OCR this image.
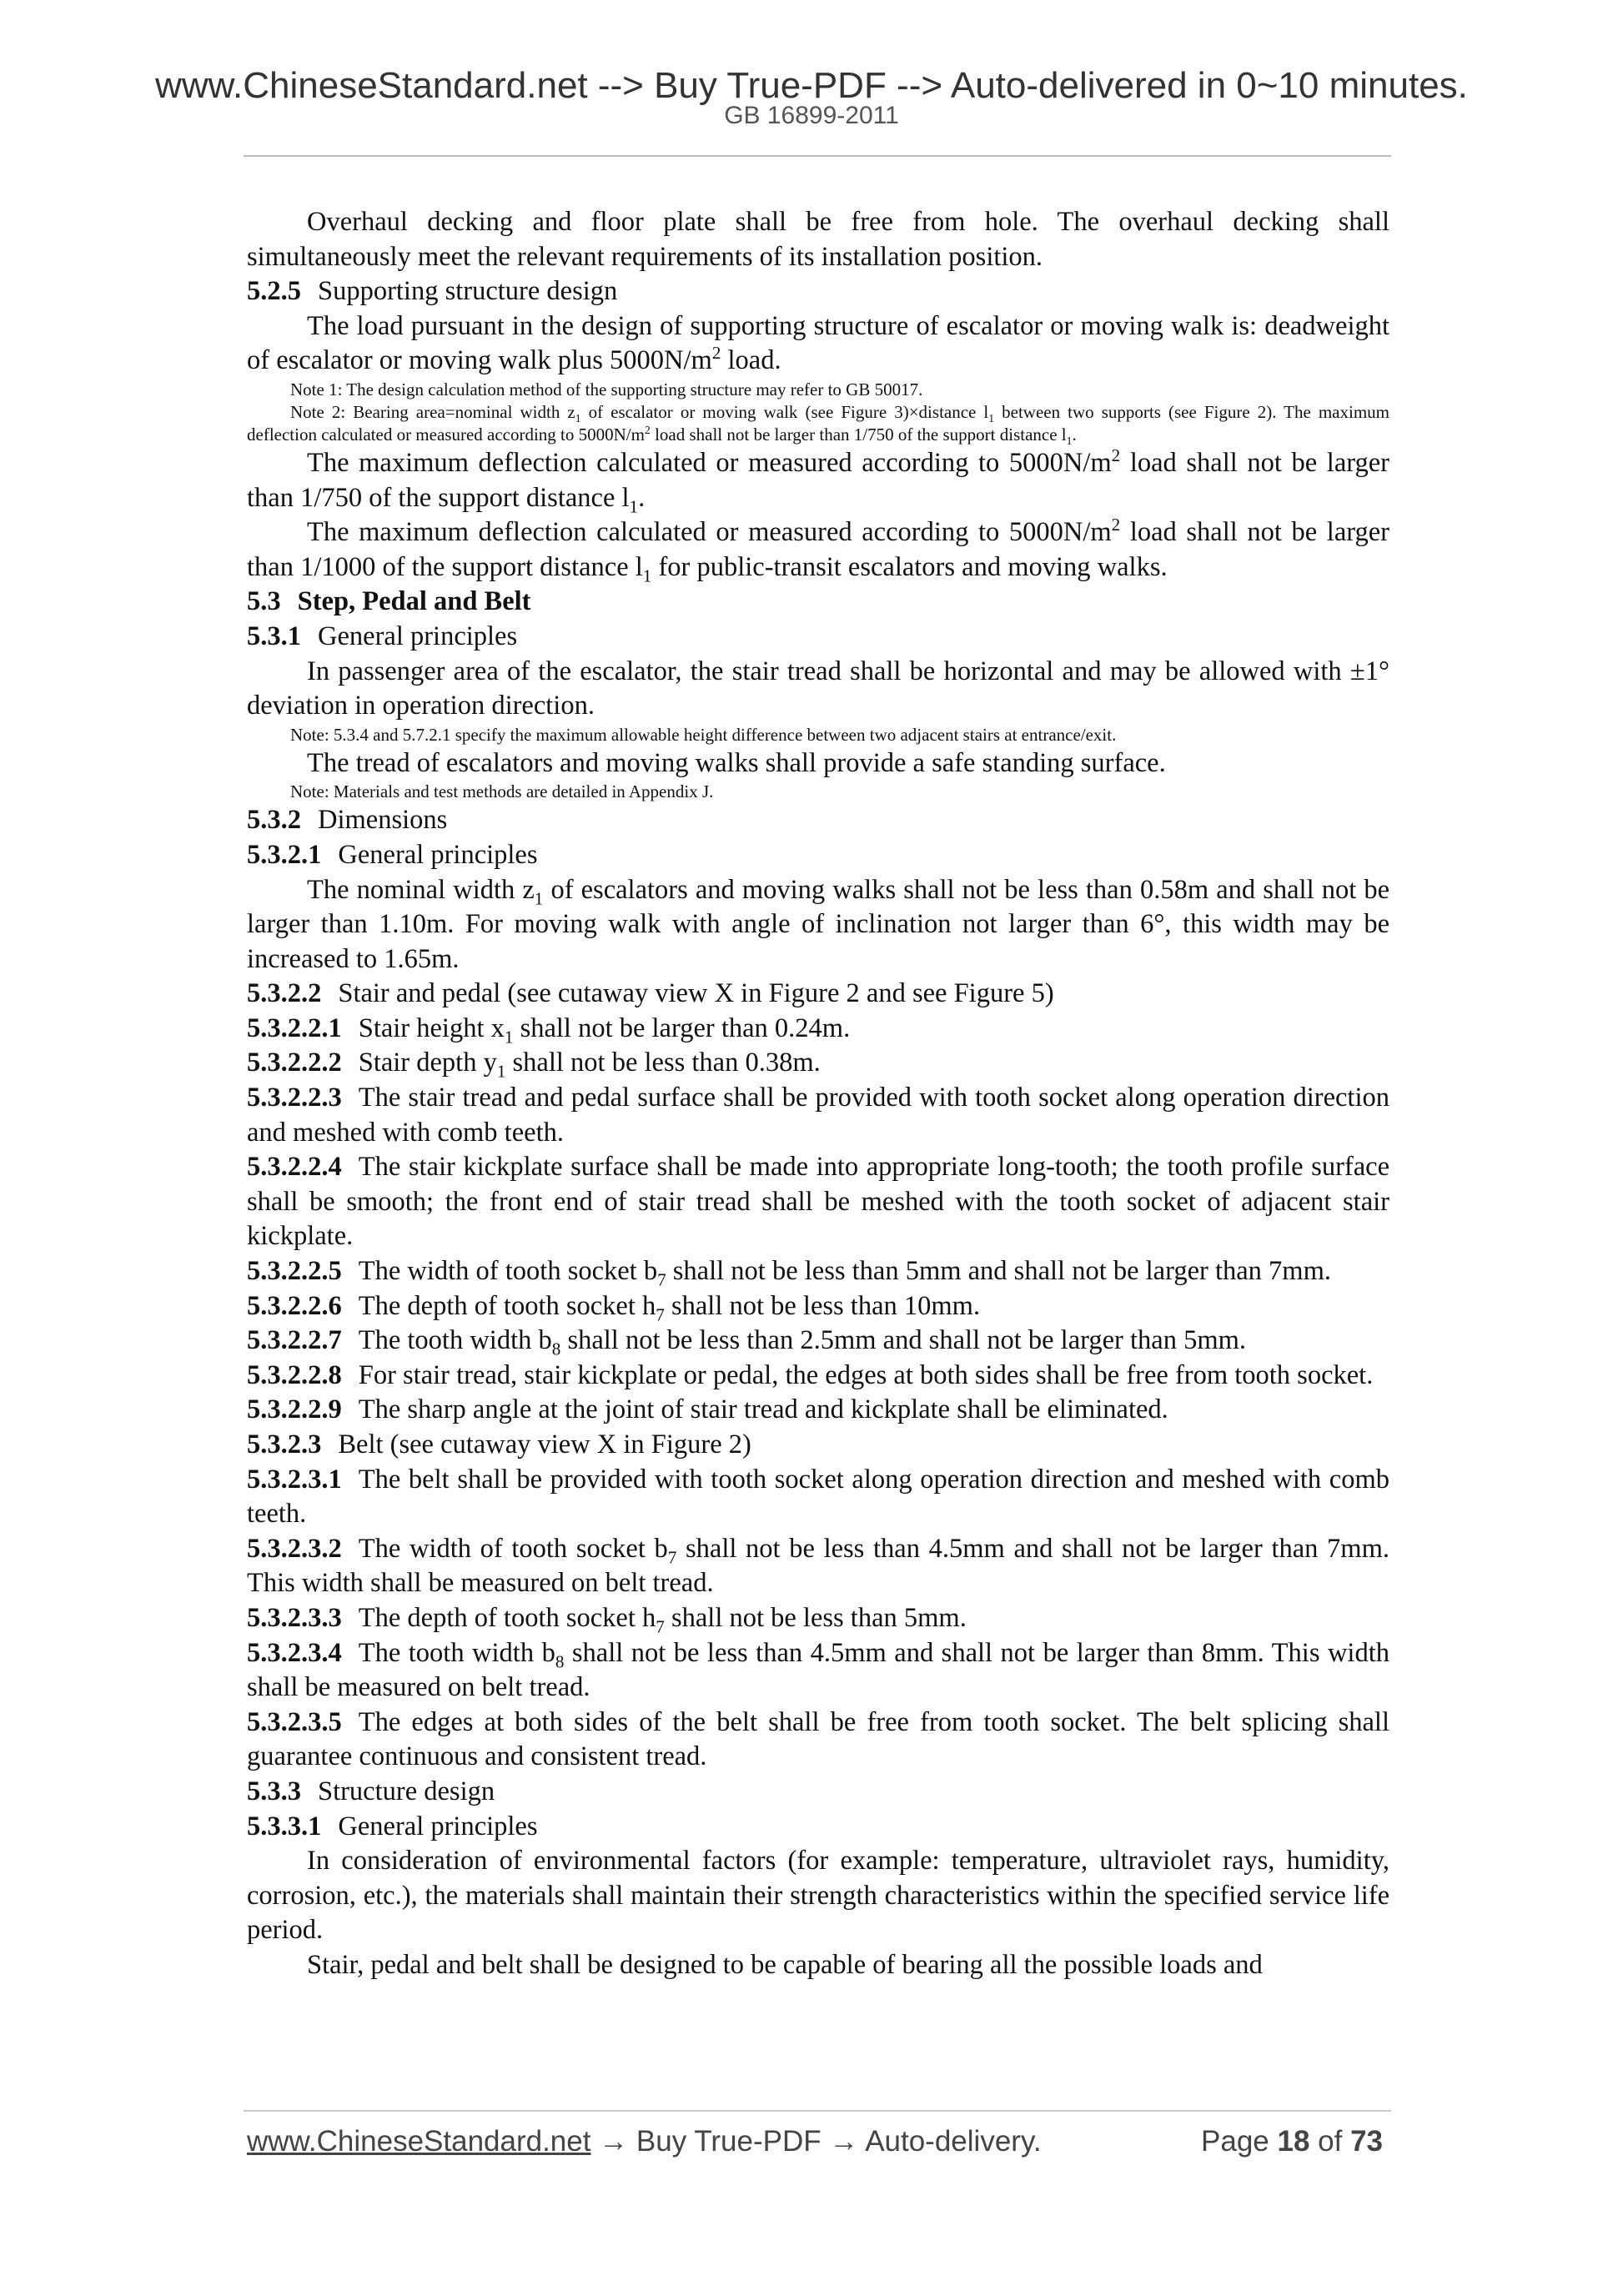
www.ChineseStandard.net --> Buy True-PDF --> Auto-delivered in 0~10 minutes.
GB 16899-2011

Overhaul decking and floor plate shall be free from hole. The overhaul decking shall simultaneously meet the relevant requirements of its installation position.

5.2.5 Supporting structure design

The load pursuant in the design of supporting structure of escalator or moving walk is: deadweight of escalator or moving walk plus $5000N/m^2$ load.

Note 1: The design calculation method of the supporting structure may refer to GB 50017.

Note 2: Bearing area=nominal width $z_1$ of escalator or moving walk (see Figure 3)×distance $l_1$ between two supports (see Figure 2). The maximum deflection calculated or measured according to $5000N/m^2$ load shall not be larger than 1/750 of the support distance $l_1$.

The maximum deflection calculated or measured according to $5000N/m^2$ load shall not be larger than 1/750 of the support distance $l_1$.

The maximum deflection calculated or measured according to $5000N/m^2$ load shall not be larger than 1/1000 of the support distance $l_1$ for public-transit escalators and moving walks.

5.3 Step, Pedal and Belt

5.3.1 General principles

In passenger area of the escalator, the stair tread shall be horizontal and may be allowed with ±1° deviation in operation direction.

Note: 5.3.4 and 5.7.2.1 specify the maximum allowable height difference between two adjacent stairs at entrance/exit.

The tread of escalators and moving walks shall provide a safe standing surface.

Note: Materials and test methods are detailed in Appendix J.

5.3.2 Dimensions

5.3.2.1 General principles

The nominal width $z_1$ of escalators and moving walks shall not be less than 0.58m and shall not be larger than 1.10m. For moving walk with angle of inclination not larger than 6°, this width may be increased to 1.65m.

5.3.2.2 Stair and pedal (see cutaway view X in Figure 2 and see Figure 5)

5.3.2.2.1 Stair height $x_1$ shall not be larger than 0.24m.

5.3.2.2.2 Stair depth $y_1$ shall not be less than 0.38m.

5.3.2.2.3 The stair tread and pedal surface shall be provided with tooth socket along operation direction and meshed with comb teeth.

5.3.2.2.4 The stair kickplate surface shall be made into appropriate long-tooth; the tooth profile surface shall be smooth; the front end of stair tread shall be meshed with the tooth socket of adjacent stair kickplate.

5.3.2.2.5 The width of tooth socket $b_7$ shall not be less than 5mm and shall not be larger than 7mm.

5.3.2.2.6 The depth of tooth socket $h_7$ shall not be less than 10mm.

5.3.2.2.7 The tooth width $b_8$ shall not be less than 2.5mm and shall not be larger than 5mm.

5.3.2.2.8 For stair tread, stair kickplate or pedal, the edges at both sides shall be free from tooth socket.

5.3.2.2.9 The sharp angle at the joint of stair tread and kickplate shall be eliminated.

5.3.2.3 Belt (see cutaway view X in Figure 2)

5.3.2.3.1 The belt shall be provided with tooth socket along operation direction and meshed with comb teeth.

5.3.2.3.2 The width of tooth socket $b_7$ shall not be less than 4.5mm and shall not be larger than 7mm. This width shall be measured on belt tread.

5.3.2.3.3 The depth of tooth socket $h_7$ shall not be less than 5mm.

5.3.2.3.4 The tooth width $b_8$ shall not be less than 4.5mm and shall not be larger than 8mm. This width shall be measured on belt tread.

5.3.2.3.5 The edges at both sides of the belt shall be free from tooth socket. The belt splicing shall guarantee continuous and consistent tread.

5.3.3 Structure design

5.3.3.1 General principles

In consideration of environmental factors (for example: temperature, ultraviolet rays, humidity, corrosion, etc.), the materials shall maintain their strength characteristics within the specified service life period.

Stair, pedal and belt shall be designed to be capable of bearing all the possible loads and

www.ChineseStandard.net → Buy True-PDF → Auto-delivery.	Page 18 of 73
